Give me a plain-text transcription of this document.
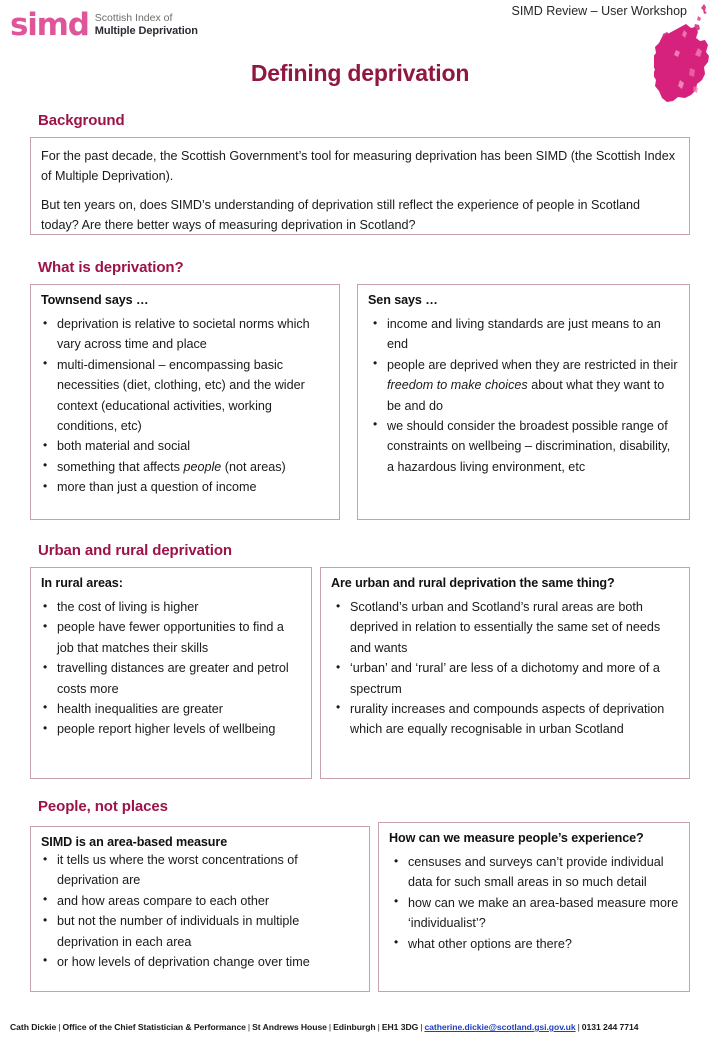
simd Scottish Index of
Multiple Deprivation
SIMD Review – User Workshop
Defining deprivation
Background

For the past decade, the Scottish Government’s tool for measuring deprivation has been SIMD (the Scottish Index of Multiple Deprivation).

But ten years on, does SIMD’s understanding of deprivation still reflect the experience of people in Scotland today? Are there better ways of measuring deprivation in Scotland?

What is deprivation?
Townsend says …
• deprivation is relative to societal norms which vary across time and place
• multi-dimensional – encompassing basic necessities (diet, clothing, etc) and the wider context (educational activities, working conditions, etc)
• both material and social
• something that affects people (not areas)
• more than just a question of income
Sen says …
• income and living standards are just means to an end
• people are deprived when they are restricted in their freedom to make choices about what they want to be and do
• we should consider the broadest possible range of constraints on wellbeing – discrimination, disability, a hazardous living environment, etc
Urban and rural deprivation
In rural areas:
• the cost of living is higher
• people have fewer opportunities to find a job that matches their skills
• travelling distances are greater and petrol costs more
• health inequalities are greater
• people report higher levels of wellbeing
Are urban and rural deprivation the same thing?
• Scotland’s urban and Scotland’s rural areas are both deprived in relation to essentially the same set of needs and wants
• ‘urban’ and ‘rural’ are less of a dichotomy and more of a spectrum
• rurality increases and compounds aspects of deprivation which are equally recognisable in urban Scotland
People, not places
SIMD is an area-based measure
• it tells us where the worst concentrations of deprivation are
• and how areas compare to each other
• but not the number of individuals in multiple deprivation in each area
• or how levels of deprivation change over time
How can we measure people’s experience?
• censuses and surveys can’t provide individual data for such small areas in so much detail
• how can we make an area-based measure more ‘individualist’?
• what other options are there?
Cath Dickie | Office of the Chief Statistician & Performance | St Andrews House | Edinburgh | EH1 3DG | catherine.dickie@scotland.gsi.gov.uk | 0131 244 7714
